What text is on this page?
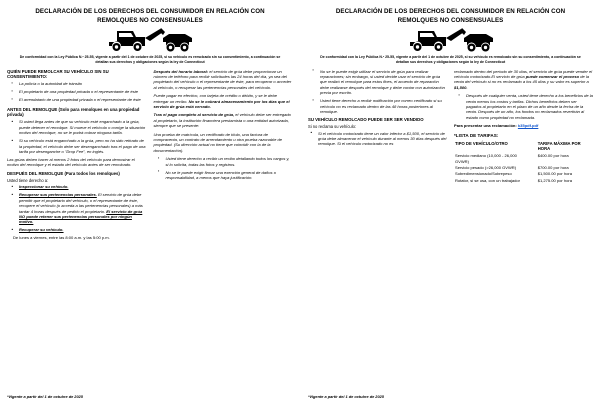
DECLARACIÓN DE LOS DERECHOS DEL CONSUMIDOR EN RELACIÓN CON REMOLQUES NO CONSENSUALES
De conformidad con la Ley Pública N.º 25-55, vigente a partir del 1 de octubre de 2025, si su vehículo es remolcado sin su consentimiento, a continuación se detallan sus derechos y obligaciones según la ley de Connecticut
QUIÉN PUEDE REMOLCAR SU VEHÍCULO SIN SU CONSENTIMIENTO:
▪ La policía o la autoridad de tránsito
▪ El propietario de una propiedad privada o el representante de éste
▪ El arrendatario de una propiedad privada o el representante de éste
ANTES DEL REMOLQUE (Solo para remolques en una propiedad privada)
• Si usted llega antes de que su vehículo esté enganchado a la grúa, puede detener el remolque. Si mueve el vehículo o corrige la situación motivo del remolque, no se le podrá cobrar ninguna tarifa.
• Si su vehículo está enganchado a la grúa, pero no ha sido retirado de la propiedad, el vehículo debe ser desenganchado tras el pago de una tarifa por desenganche o "Drop Fee", en inglés.

Las grúas deben hacer al menos 2 fotos del vehículo para demostrar el motivo del remolque y el estado del vehículo antes de ser remolcado.

DESPUÉS DEL REMOLQUE (Para todos los remolques)
Usted tiene derecho a:
• Inspeccionar su vehículo.
• Recuperar sus pertenencias personales. El servicio de grúa debe permitir que el propietario del vehículo, o el representante de éste, recupere el vehículo (o acceda a las pertenencias personales) a más tardar 4 horas después de pedirlo el propietario. El servicio de grúa NO puede retener sus pertenencias personales por ningún motivo.
• Recuperar su vehículo.
De lunes a viernes, entre las 8:00 a.m. y las 5:00 p.m.

Después del horario laboral: el servicio de grúa debe proporcionar un número de teléfono para recibir solicitudes las 24 horas del día, ya sea del propietario del vehículo o el representante de éste, para recuperar o acceder al vehículo, o recuperar las pertenencias personales del vehículo.

Puede pagar en efectivo, con tarjeta de crédito o débito, y se le debe entregar un recibo. No se le cobrará almacenamiento por los días que el servicio de grúa está cerrado.

Tras el pago completo al servicio de grúa, el vehículo debe ser entregado al propietario, la institución financiera prestamista o una entidad autorizada, siempre que se presente:

Una prueba de matrícula, un certificado de título, una factura de compraventa, un contrato de arrendamiento u otra prueba razonable de propiedad. (Su dirección actual no tiene que coincidir con la de la documentación).

▪ Usted tiene derecho a recibir un recibo detallando todos los cargos y, si lo solicita, todas las fotos y registros.
▪ No se le puede exigir firmar una exención general de daños o responsabilidad, a menos que haya justificación.
*Vigente a partir del 1 de octubre de 2025
DECLARACIÓN DE LOS DERECHOS DEL CONSUMIDOR EN RELACIÓN CON REMOLQUES NO CONSENSUALES
De conformidad con la Ley Pública N.º 25-55, vigente a partir del 1 de octubre de 2025, si su vehículo es remolcado sin su consentimiento, a continuación se detallan sus derechos y obligaciones según la ley de Connecticut
▪ No se le puede exigir utilizar el servicio de grúa para realizar reparaciones; sin embargo, si usted decide usar el servicio de grúa que realizó el remolque para estos fines, el acuerdo de reparación debe realizarse después del remolque y debe contar con autorización previa por escrito.
▪ Usted tiene derecho a recibir notificación por correo certificado si su vehículo no es reclamado dentro de las 48 horas posteriores al remolque.
SU VEHÍCULO REMOLCADO PUEDE SER SER VENDIDO
Si no reclama su vehículo:
• Si el vehículo motorizado tiene un valor inferior a $1,500, el servicio de grúa debe almacenar el vehículo durante al menos 30 días después del remolque. Si el vehículo motorizado no es

reclamado dentro del período de 30 días, el servicio de grúa puede vender el vehículo motorizado.El servicio de grúa puede comenzar el proceso de la venta del vehículo si no es reclamado a los 45 días y su valor es superior a $1,500.

▪ Después de cualquier venta, usted tiene derecho a los beneficios de la venta menos los costos y tarifas. Dichos beneficios deben ser pagados al propietario en el plazo de un año desde la fecha de la venta. Después de un año, los fondos no reclamados revertirán al estado como propiedad no reclamada.

Para presentar una reclamación: k35pdf.pdf

*LISTA DE TARIFAS:
TIPO DE VEHÍCULO/OTRO	TARIFA MÁXIMA POR HORA
Servicio mediano (10,000 - 26,000 GVWR)	$400.00 por hora
Servicio pesado (>26,000 GVWR)	$700.00 por hora
Sobredimensionado/Sobrepeso	$1,500.00 por hora
Rotator, si se usa, con un trabajador	$1,275.00 por hora
*Vigente a partir del 1 de octubre de 2025
